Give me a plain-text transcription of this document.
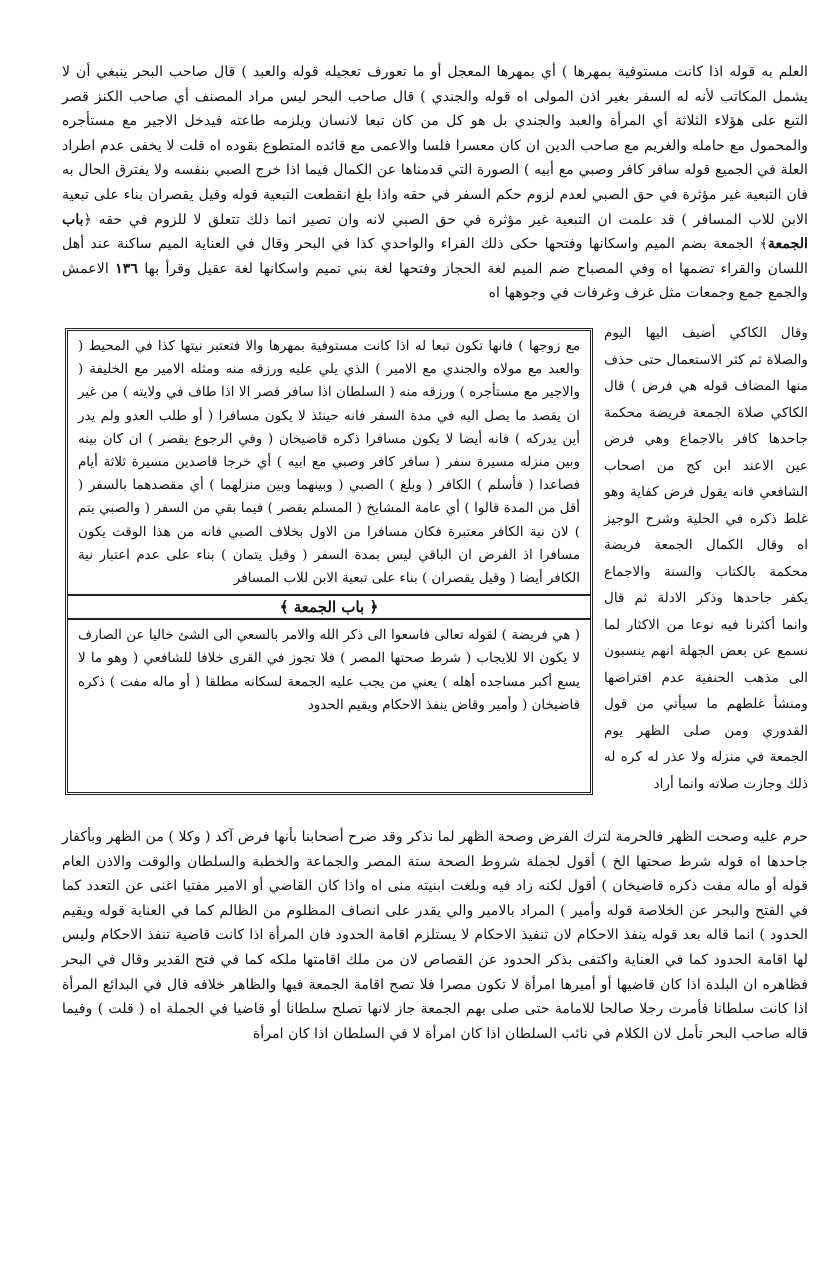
العلم به قوله اذا كانت مستوفية بمهرها ) أي بمهرها المعجل أو ما تعورف تعجيله قوله والعبد ) قال صاحب البحر ينبغي أن لا يشمل المكاتب لأنه له السفر بغير اذن المولى اه قوله والجندي ) قال صاحب البحر ليس مراد المصنف أي صاحب الكنز قصر التبع على هؤلاء الثلاثة أي المرأة والعبد والجندي بل هو كل من كان تبعا لانسان ويلزمه طاعته فيدخل الاجير مع مستأجره والمحمول مع حامله والغريم مع صاحب الدين ان كان معسرا فلسا والاعمى مع قائده المتطوع بقوده اه قلت لا يخفى عدم اطراد العلة في الجميع قوله سافر كافر وصبي مع أبيه ) الصورة التي قدمناها عن الكمال فيما اذا خرج الصبي بنفسه ولا يفترق الحال به فان التبعية غير مؤثرة في حق الصبي لعدم لزوم حكم السفر في حقه واذا بلغ انقطعت التبعية قوله وقيل يقصران بناء على تبعية الابن للاب المسافر ) قد علمت ان التبعية غير مؤثرة في حق الصبي لانه وان تصير انما ذلك تتعلق لا للزوم في حقه ﴿باب الجمعة﴾ الجمعة بضم الميم واسكانها وفتحها حكى ذلك الفراء والواحدي كذا في البحر وقال في العناية الميم ساكنة عند أهل اللسان والقراء تضمها اه وفي المصباح ضم الميم لغة الحجاز وفتحها لغة بني تميم واسكانها لغة عقيل وقرأ بها ١٣٦ الاعمش والجمع جمع وجمعات مثل غرف وغرفات في وجوهها اه

وقال الكاكي أضيف اليها اليوم والصلاة ثم كثر الاستعمال حتى حذف منها المضاف قوله هي فرض ) قال الكاكي صلاة الجمعة فريضة محكمة جاحدها كافر بالاجماع وهي فرض عين الاعند ابن كج من اصحاب الشافعي فانه يقول فرض كفاية وهو غلط ذكره في الحلية وشرح الوجيز اه وقال الكمال الجمعة فريضة محكمة بالكتاب والسنة والاجماع يكفر جاحدها وذكر الادلة ثم قال وانما أكثرنا فيه نوعا من الاكثار لما نسمع عن بعض الجهلة انهم ينسبون الى مذهب الحنفية عدم افتراضها ومنشأ غلطهم ما سيأتي من قول القدوري ومن صلى الظهر يوم الجمعة في منزله ولا عذر له كره له ذلك وجازت صلاته وانما أراد

مع زوجها ) فانها تكون تبعا له اذا كانت مستوفية بمهرها والا فتعتبر نيتها كذا في المحيط ( والعبد مع مولاه والجندي مع الامير ) الذي يلي عليه ورزقه منه ومثله الامير مع الخليفة ( والاجير مع مستأجره ) ورزقه منه ( السلطان اذا سافر قصر الا اذا طاف في ولايته ) من غير ان يقصد ما يصل اليه في مدة السفر فانه حينئذ لا يكون مسافرا ( أو طلب العدو ولم يدر أين يدركه ) فانه أيضا لا يكون مسافرا ذكره قاضيخان ( وفي الرجوع يقصر ) ان كان بينه وبين منزله مسيرة سفر ( سافر كافر وصبي مع ابيه ) أي خرجا قاصدين مسيرة ثلاثة أيام فصاعدا ( فأسلم ) الكافر ( وبلغ ) الصبي ( وبينهما وبين منزلهما ) أي مقصدهما بالسفر ( أقل من المدة قالوا ) أي عامة المشايخ ( المسلم يقصر ) فيما بقي من السفر ( والصبي يتم ) لان نية الكافر معتبرة فكان مسافرا من الاول بخلاف الصبي فانه من هذا الوقت يكون مسافرا اذ الفرض ان الباقي ليس بمدة السفر ( وقيل يتمان ) بناء على عدم اعتبار نية الكافر أيضا ( وقيل يقصران ) بناء على تبعية الابن للاب المسافر

﴿ باب الجمعة ﴾

( هي فريضة ) لقوله تعالى فاسعوا الى ذكر الله والامر بالسعي الى الشئ خاليا عن الصارف لا يكون الا للايجاب ( شرط صحتها المصر ) فلا تجوز في القرى خلافا للشافعي ( وهو ما لا يسع أكبر مساجده أهله ) يعني من يجب عليه الجمعة لسكانه مطلقا ( أو ماله مفت ) ذكره قاضيخان ( وأمير وقاض ينفذ الاحكام ويقيم الحدود

حرم عليه وصحت الظهر فالحرمة لترك الفرض وصحة الظهر لما نذكر وقد صرح أصحابنا بأنها فرض آكد ( وكلا ) من الظهر وبأكفار جاحدها اه قوله شرط صحتها الخ ) أقول لجملة شروط الصحة ستة المصر والجماعة والخطبة والسلطان والوقت والاذن العام قوله أو ماله مفت ذكره قاضيخان ) أقول لكنه زاد فيه وبلغت ابنيته منى اه واذا كان القاضي أو الامير مفتيا اغنى عن التعدد كما في الفتح والبحر عن الخلاصة قوله وأمير ) المراد بالامير والي يقدر على انصاف المظلوم من الظالم كما في العناية قوله ويقيم الحدود ) انما قاله بعد قوله ينفذ الاحكام لان تنفيذ الاحكام لا يستلزم اقامة الحدود فان المرأة اذا كانت قاضية تنفذ الاحكام وليس لها اقامة الحدود كما في العناية واكتفى بذكر الحدود عن القصاص لان من ملك اقامتها ملكه كما في فتح القدير وقال في البحر فظاهره ان البلدة اذا كان قاضيها أو أميرها امرأة لا تكون مصرا فلا تصح اقامة الجمعة فيها والظاهر خلافه قال في البدائع المرأة اذا كانت سلطانا فأمرت رجلا صالحا للامامة حتى صلى بهم الجمعة جاز لانها تصلح سلطانا أو قاضيا في الجملة اه ( قلت ) وفيما قاله صاحب البحر تأمل لان الكلام في نائب السلطان اذا كان امرأة لا في السلطان اذا كان امرأة
